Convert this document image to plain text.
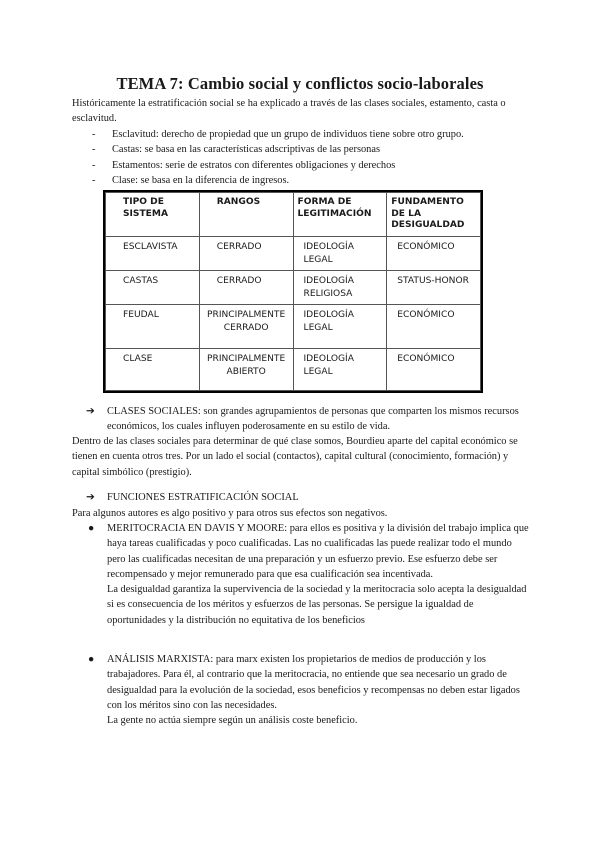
TEMA 7: Cambio social y conflictos socio-laborales
Históricamente la estratificación social se ha explicado a través de las clases sociales, estamento, casta o esclavitud.
- Esclavitud: derecho de propiedad que un grupo de individuos tiene sobre otro grupo.
- Castas: se basa en las características adscriptivas de las personas
- Estamentos: serie de estratos con diferentes obligaciones y derechos
- Clase: se basa en la diferencia de ingresos.
TIPO DE SISTEMA	RANGOS	FORMA DE LEGITIMACIÓN	FUNDAMENTO DE LA DESIGUALDAD
ESCLAVISTA	CERRADO	IDEOLOGÍA LEGAL	ECONÓMICO
CASTAS	CERRADO	IDEOLOGÍA RELIGIOSA	STATUS-HONOR
FEUDAL	PRINCIPALMENTE CERRADO	IDEOLOGÍA LEGAL	ECONÓMICO
CLASE	PRINCIPALMENTE ABIERTO	IDEOLOGÍA LEGAL	ECONÓMICO
➔	CLASES SOCIALES: son grandes agrupamientos de personas que comparten los mismos recursos económicos, los cuales influyen poderosamente en su estilo de vida.
Dentro de las clases sociales para determinar de qué clase somos, Bourdieu aparte del capital económico se tienen en cuenta otros tres. Por un lado el social (contactos), capital cultural (conocimiento, formación) y capital simbólico (prestigio).
➔	FUNCIONES ESTRATIFICACIÓN SOCIAL
Para algunos autores es algo positivo y para otros sus efectos son negativos.
● MERITOCRACIA EN DAVIS Y MOORE: para ellos es positiva y la división del trabajo implica que haya tareas cualificadas y poco cualificadas. Las no cualificadas las puede realizar todo el mundo pero las cualificadas necesitan de una preparación y un esfuerzo previo. Ese esfuerzo debe ser recompensado y mejor remunerado para que esa cualificación sea incentivada.

La desigualdad garantiza la supervivencia de la sociedad y la meritocracia solo acepta la desigualdad si es consecuencia de los méritos y esfuerzos de las personas. Se persigue la igualdad de oportunidades y la distribución no equitativa de los beneficios

● ANÁLISIS MARXISTA: para marx existen los propietarios de medios de producción y los trabajadores. Para él, al contrario que la meritocracia, no entiende que sea necesario un grado de desigualdad para la evolución de la sociedad, esos beneficios y recompensas no deben estar ligados con los méritos sino con las necesidades.

La gente no actúa siempre según un análisis coste beneficio.
